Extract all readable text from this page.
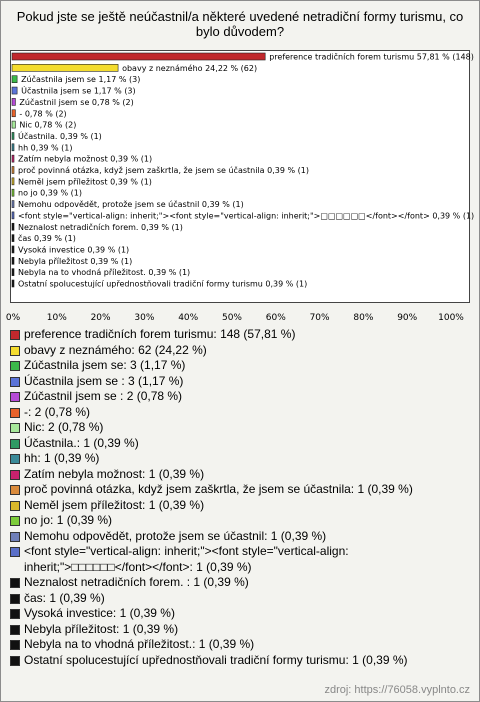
Pokud jste se ještě neúčastnil/a některé uvedené netradiční formy turismu, co bylo důvodem?
preference tradičních forem turismu 57,81 % (148)
obavy z neznámého 24,22 % (62)
Zúčastnila jsem se 1,17 % (3)
Účastnila jsem se 1,17 % (3)
Zúčastnil jsem se 0,78 % (2)
- 0,78 % (2)
Nic 0,78 % (2)
Účastnila. 0,39 % (1)
hh 0,39 % (1)
Zatím nebyla možnost 0,39 % (1)
proč povinná otázka, když jsem zaškrtla, že jsem se účastnila 0,39 % (1)
Neměl jsem příležitost 0,39 % (1)
no jo 0,39 % (1)
Nemohu odpovědět, protože jsem se účastnil 0,39 % (1)
<font style="vertical-align: inherit;"><font style="vertical-align: inherit;">□□□□□□</font></font> 0,39 % (1)
Neznalost netradičních forem. 0,39 % (1)
čas 0,39 % (1)
Vysoká investice 0,39 % (1)
Nebyla příležitost 0,39 % (1)
Nebyla na to vhodná příležitost. 0,39 % (1)
Ostatní spolucestující upřednostňovali tradiční formy turismu 0,39 % (1)
0%	10%	20%	30%	40%	50%	60%	70%	80%	90% 100%
preference tradičních forem turismu: 148 (57,81 %)
obavy z neznámého: 62 (24,22 %)
Zúčastnila jsem se: 3 (1,17 %)
Účastnila jsem se : 3 (1,17 %)
Zúčastnil jsem se : 2 (0,78 %)
-: 2 (0,78 %)
Nic: 2 (0,78 %)
Účastnila.: 1 (0,39 %)
hh: 1 (0,39 %)
Zatím nebyla možnost: 1 (0,39 %)
proč povinná otázka, když jsem zaškrtla, že jsem se účastnila: 1 (0,39 %)
Neměl jsem příležitost: 1 (0,39 %)
no jo: 1 (0,39 %)
Nemohu odpovědět, protože jsem se účastnil: 1 (0,39 %)
<font style="vertical-align: inherit;"><font style="vertical-align: inherit;">□□□□□□</font></font>: 1 (0,39 %)
Neznalost netradičních forem. : 1 (0,39 %)
čas: 1 (0,39 %)
Vysoká investice: 1 (0,39 %)
Nebyla příležitost: 1 (0,39 %)
Nebyla na to vhodná příležitost.: 1 (0,39 %)
Ostatní spolucestující upřednostňovali tradiční formy turismu: 1 (0,39 %)
zdroj: https://76058.vyplnto.cz
